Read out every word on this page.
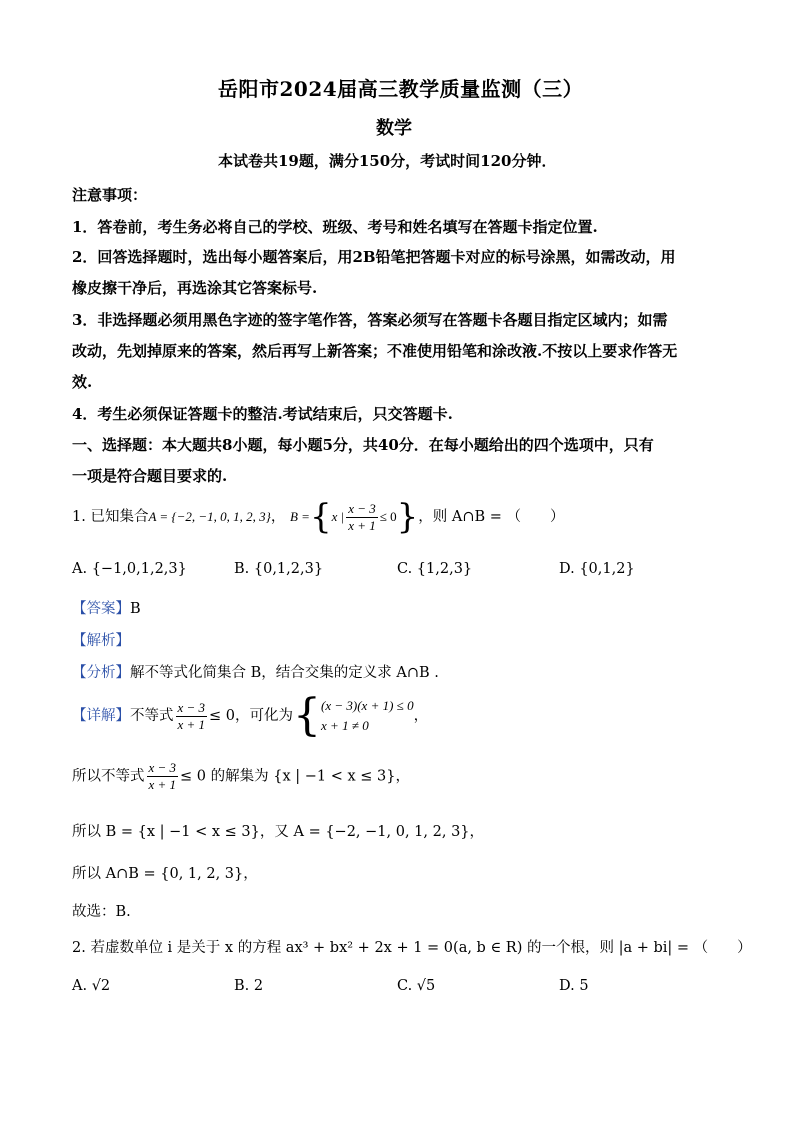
岳阳市2024届高三教学质量监测（三）
数学
本试卷共19题，满分150分，考试时间120分钟．
注意事项：
1．答卷前，考生务必将自己的学校、班级、考号和姓名填写在答题卡指定位置.
2．回答选择题时，选出每小题答案后，用2B铅笔把答题卡对应的标号涂黑，如需改动，用
橡皮擦干净后，再选涂其它答案标号.
3．非选择题必须用黑色字迹的签字笔作答，答案必须写在答题卡各题目指定区域内；如需
改动，先划掉原来的答案，然后再写上新答案；不准使用铅笔和涂改液.不按以上要求作答无
效.
4．考生必须保证答题卡的整洁.考试结束后，只交答题卡.
一、选择题：本大题共8小题，每小题5分，共40分．在每小题给出的四个选项中，只有
一项是符合题目要求的.
1. 已知集合A = {−2, −1, 0, 1, 2, 3}， B ={x | $\frac{x - 3}{x + 1} \le 0$}，则 A∩B = （　　）
A. {−1,0,1,2,3}	B. {0,1,2,3}	C. {1,2,3}	D. {0,1,2}
【答案】B
【解析】
【分析】解不等式化简集合 B，结合交集的定义求 A∩B .
【详解】不等式 $\frac{x - 3}{x + 1} \le 0$，可化为{ (x − 3)(x + 1) ≤ 0
x + 1 ≠ 0
，
所以不等式 $\frac{x - 3}{x + 1} \le 0$ 的解集为 {x | −1 < x ≤ 3}，
所以 B = {x | −1 < x ≤ 3}，又 A = {−2, −1, 0, 1, 2, 3}，
所以 A∩B = {0, 1, 2, 3}，
故选：B.
2. 若虚数单位 i 是关于 x 的方程 ax³ + bx² + 2x + 1 = 0(a, b ∈ R) 的一个根，则 |a + bi| = （　　）
A. √2	B. 2	C. √5	D. 5
